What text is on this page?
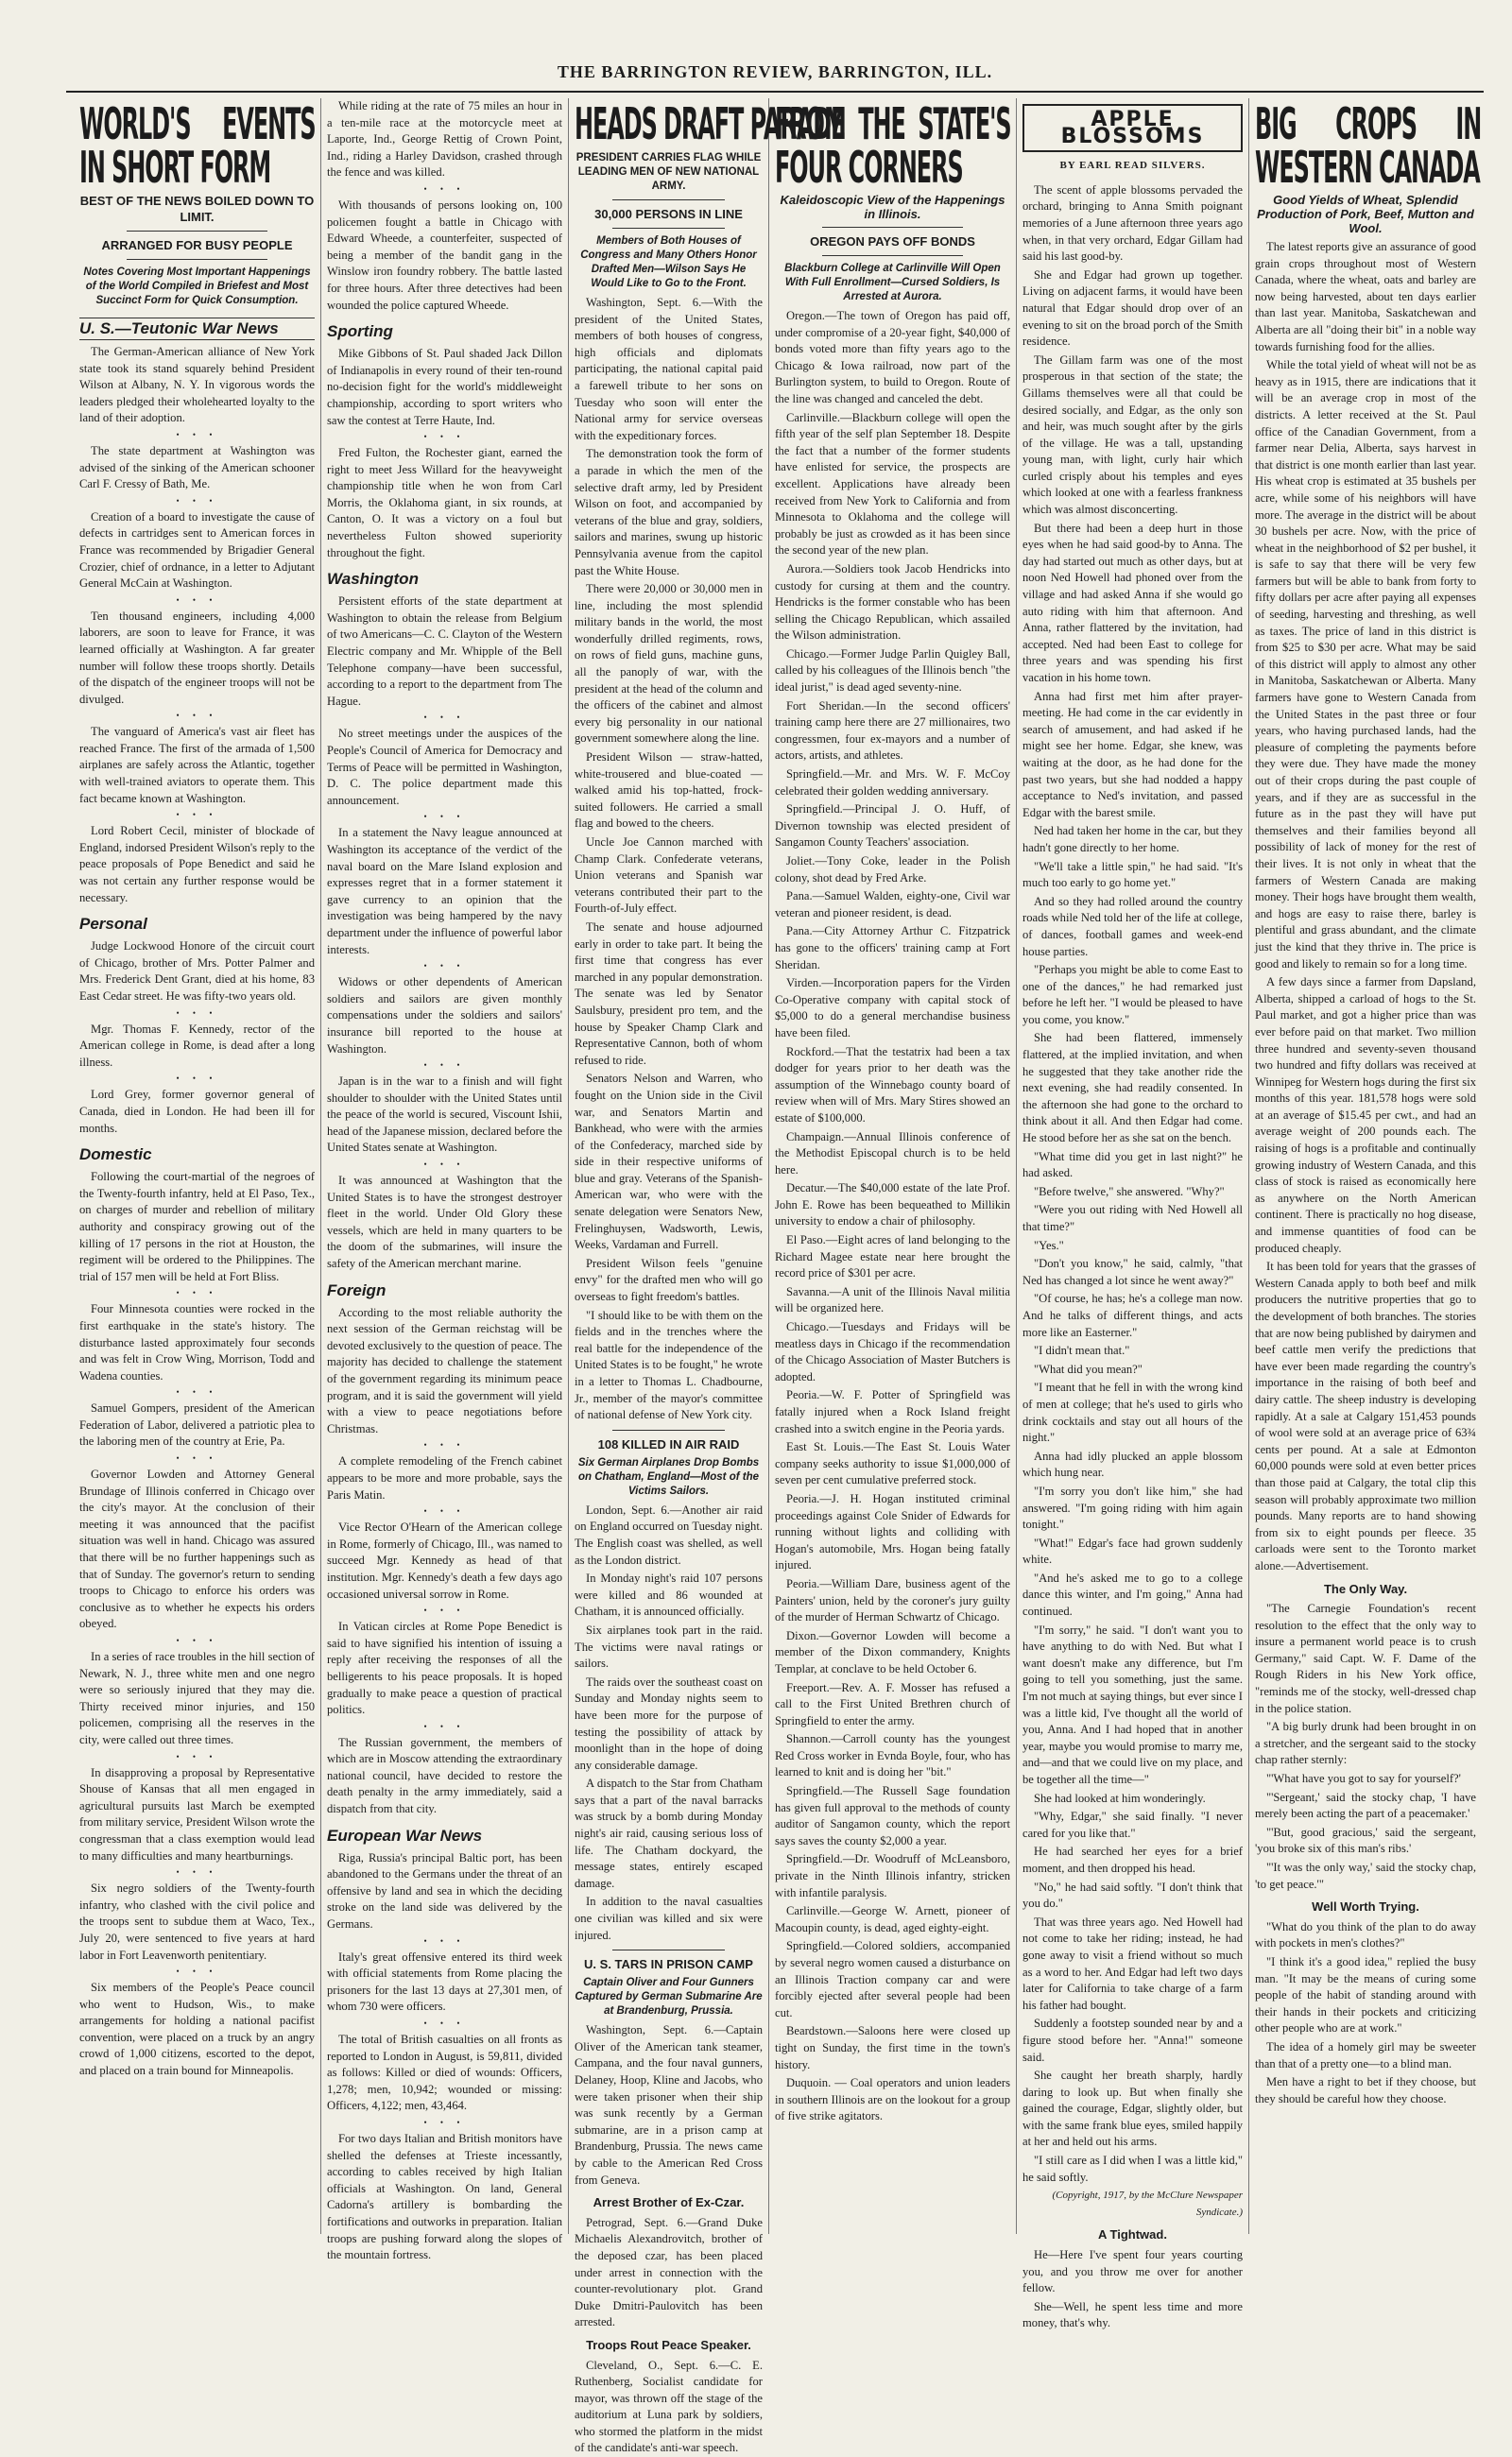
THE BARRINGTON REVIEW, BARRINGTON, ILL.
WORLD'S EVENTS IN SHORT FORM
BEST OF THE NEWS BOILED DOWN TO LIMIT.
ARRANGED FOR BUSY PEOPLE
Notes Covering Most Important Happenings of the World Compiled in Briefest and Most Succinct Form for Quick Consumption.
U. S.—Teutonic War News

The German-American alliance of New York state took its stand squarely behind President Wilson at Albany, N. Y. In vigorous words the leaders pledged their wholehearted loyalty to the land of their adoption.

• • •

The state department at Washington was advised of the sinking of the American schooner Carl F. Cressy of Bath, Me.

• • •

Creation of a board to investigate the cause of defects in cartridges sent to American forces in France was recommended by Brigadier General Crozier, chief of ordnance, in a letter to Adjutant General McCain at Washington.

• • •

Ten thousand engineers, including 4,000 laborers, are soon to leave for France, it was learned officially at Washington. A far greater number will follow these troops shortly. Details of the dispatch of the engineer troops will not be divulged.

• • •

The vanguard of America's vast air fleet has reached France. The first of the armada of 1,500 airplanes are safely across the Atlantic, together with well-trained aviators to operate them. This fact became known at Washington.

• • •

Lord Robert Cecil, minister of blockade of England, indorsed President Wilson's reply to the peace proposals of Pope Benedict and said he was not certain any further response would be necessary.

Personal

Judge Lockwood Honore of the circuit court of Chicago, brother of Mrs. Potter Palmer and Mrs. Frederick Dent Grant, died at his home, 83 East Cedar street. He was fifty-two years old.

• • •

Mgr. Thomas F. Kennedy, rector of the American college in Rome, is dead after a long illness.

• • •

Lord Grey, former governor general of Canada, died in London. He had been ill for months.

Domestic

Following the court-martial of the negroes of the Twenty-fourth infantry, held at El Paso, Tex., on charges of murder and rebellion of military authority and conspiracy growing out of the killing of 17 persons in the riot at Houston, the regiment will be ordered to the Philippines. The trial of 157 men will be held at Fort Bliss.

• • •

Four Minnesota counties were rocked in the first earthquake in the state's history. The disturbance lasted approximately four seconds and was felt in Crow Wing, Morrison, Todd and Wadena counties.

• • •

Samuel Gompers, president of the American Federation of Labor, delivered a patriotic plea to the laboring men of the country at Erie, Pa.

• • •

Governor Lowden and Attorney General Brundage of Illinois conferred in Chicago over the city's mayor. At the conclusion of their meeting it was announced that the pacifist situation was well in hand. Chicago was assured that there will be no further happenings such as that of Sunday. The governor's return to sending troops to Chicago to enforce his orders was conclusive as to whether he expects his orders obeyed.

• • •

In a series of race troubles in the hill section of Newark, N. J., three white men and one negro were so seriously injured that they may die. Thirty received minor injuries, and 150 policemen, comprising all the reserves in the city, were called out three times.

• • •

In disapproving a proposal by Representative Shouse of Kansas that all men engaged in agricultural pursuits last March be exempted from military service, President Wilson wrote the congressman that a class exemption would lead to many difficulties and many heartburnings.

• • •

Six negro soldiers of the Twenty-fourth infantry, who clashed with the civil police and the troops sent to subdue them at Waco, Tex., July 20, were sentenced to five years at hard labor in Fort Leavenworth penitentiary.

• • •

Six members of the People's Peace council who went to Hudson, Wis., to make arrangements for holding a national pacifist convention, were placed on a truck by an angry crowd of 1,000 citizens, escorted to the depot, and placed on a train bound for Minneapolis.

While riding at the rate of 75 miles an hour in a ten-mile race at the motorcycle meet at Laporte, Ind., George Rettig of Crown Point, Ind., riding a Harley Davidson, crashed through the fence and was killed.

• • •

With thousands of persons looking on, 100 policemen fought a battle in Chicago with Edward Wheede, a counterfeiter, suspected of being a member of the bandit gang in the Winslow iron foundry robbery. The battle lasted for three hours. After three detectives had been wounded the police captured Wheede.

Sporting

Mike Gibbons of St. Paul shaded Jack Dillon of Indianapolis in every round of their ten-round no-decision fight for the world's middleweight championship, according to sport writers who saw the contest at Terre Haute, Ind.

• • •

Fred Fulton, the Rochester giant, earned the right to meet Jess Willard for the heavyweight championship title when he won from Carl Morris, the Oklahoma giant, in six rounds, at Canton, O. It was a victory on a foul but nevertheless Fulton showed superiority throughout the fight.

Washington

Persistent efforts of the state department at Washington to obtain the release from Belgium of two Americans—C. C. Clayton of the Western Electric company and Mr. Whipple of the Bell Telephone company—have been successful, according to a report to the department from The Hague.

• • •

No street meetings under the auspices of the People's Council of America for Democracy and Terms of Peace will be permitted in Washington, D. C. The police department made this announcement.

• • •

In a statement the Navy league announced at Washington its acceptance of the verdict of the naval board on the Mare Island explosion and expresses regret that in a former statement it gave currency to an opinion that the investigation was being hampered by the navy department under the influence of powerful labor interests.

• • •

Widows or other dependents of American soldiers and sailors are given monthly compensations under the soldiers and sailors' insurance bill reported to the house at Washington.

• • •

Japan is in the war to a finish and will fight shoulder to shoulder with the United States until the peace of the world is secured, Viscount Ishii, head of the Japanese mission, declared before the United States senate at Washington.

• • •

It was announced at Washington that the United States is to have the strongest destroyer fleet in the world. Under Old Glory these vessels, which are held in many quarters to be the doom of the submarines, will insure the safety of the American merchant marine.

Foreign

According to the most reliable authority the next session of the German reichstag will be devoted exclusively to the question of peace. The majority has decided to challenge the statement of the government regarding its minimum peace program, and it is said the government will yield with a view to peace negotiations before Christmas.

• • •

A complete remodeling of the French cabinet appears to be more and more probable, says the Paris Matin.

• • •

Vice Rector O'Hearn of the American college in Rome, formerly of Chicago, Ill., was named to succeed Mgr. Kennedy as head of that institution. Mgr. Kennedy's death a few days ago occasioned universal sorrow in Rome.

• • •

In Vatican circles at Rome Pope Benedict is said to have signified his intention of issuing a reply after receiving the responses of all the belligerents to his peace proposals. It is hoped gradually to make peace a question of practical politics.

• • •

The Russian government, the members of which are in Moscow attending the extraordinary national council, have decided to restore the death penalty in the army immediately, said a dispatch from that city.

European War News

Riga, Russia's principal Baltic port, has been abandoned to the Germans under the threat of an offensive by land and sea in which the deciding stroke on the land side was delivered by the Germans.

• • •

Italy's great offensive entered its third week with official statements from Rome placing the prisoners for the last 13 days at 27,301 men, of whom 730 were officers.

• • •

The total of British casualties on all fronts as reported to London in August, is 59,811, divided as follows: Killed or died of wounds: Officers, 1,278; men, 10,942; wounded or missing: Officers, 4,122; men, 43,464.

• • •

For two days Italian and British monitors have shelled the defenses at Trieste incessantly, according to cables received by high Italian officials at Washington. On land, General Cadorna's artillery is bombarding the fortifications and outworks in preparation. Italian troops are pushing forward along the slopes of the mountain fortress.

HEADS DRAFT PARADE
PRESIDENT CARRIES FLAG WHILE LEADING MEN OF NEW NATIONAL ARMY.
30,000 PERSONS IN LINE
Members of Both Houses of Congress and Many Others Honor Drafted Men—Wilson Says He Would Like to Go to the Front.

Washington, Sept. 6.—With the president of the United States, members of both houses of congress, high officials and diplomats participating, the national capital paid a farewell tribute to her sons on Tuesday who soon will enter the National army for service overseas with the expeditionary forces.

The demonstration took the form of a parade in which the men of the selective draft army, led by President Wilson on foot, and accompanied by veterans of the blue and gray, soldiers, sailors and marines, swung up historic Pennsylvania avenue from the capitol past the White House.

There were 20,000 or 30,000 men in line, including the most splendid military bands in the world, the most wonderfully drilled regiments, rows, on rows of field guns, machine guns, all the panoply of war, with the president at the head of the column and the officers of the cabinet and almost every big personality in our national government somewhere along the line.

President Wilson — straw-hatted, white-trousered and blue-coated — walked amid his top-hatted, frock-suited followers. He carried a small flag and bowed to the cheers.

Uncle Joe Cannon marched with Champ Clark. Confederate veterans, Union veterans and Spanish war veterans contributed their part to the Fourth-of-July effect.

The senate and house adjourned early in order to take part. It being the first time that congress has ever marched in any popular demonstration. The senate was led by Senator Saulsbury, president pro tem, and the house by Speaker Champ Clark and Representative Cannon, both of whom refused to ride.

Senators Nelson and Warren, who fought on the Union side in the Civil war, and Senators Martin and Bankhead, who were with the armies of the Confederacy, marched side by side in their respective uniforms of blue and gray. Veterans of the Spanish-American war, who were with the senate delegation were Senators New, Frelinghuysen, Wadsworth, Lewis, Weeks, Vardaman and Furrell.

President Wilson feels "genuine envy" for the drafted men who will go overseas to fight freedom's battles.

"I should like to be with them on the fields and in the trenches where the real battle for the independence of the United States is to be fought," he wrote in a letter to Thomas L. Chadbourne, Jr., member of the mayor's committee of national defense of New York city.

108 KILLED IN AIR RAID
Six German Airplanes Drop Bombs on Chatham, England—Most of the Victims Sailors.

London, Sept. 6.—Another air raid on England occurred on Tuesday night. The English coast was shelled, as well as the London district.

In Monday night's raid 107 persons were killed and 86 wounded at Chatham, it is announced officially.

Six airplanes took part in the raid. The victims were naval ratings or sailors.

The raids over the southeast coast on Sunday and Monday nights seem to have been more for the purpose of testing the possibility of attack by moonlight than in the hope of doing any considerable damage.

A dispatch to the Star from Chatham says that a part of the naval barracks was struck by a bomb during Monday night's air raid, causing serious loss of life. The Chatham dockyard, the message states, entirely escaped damage.

In addition to the naval casualties one civilian was killed and six were injured.

U. S. TARS IN PRISON CAMP
Captain Oliver and Four Gunners Captured by German Submarine Are at Brandenburg, Prussia.

Washington, Sept. 6.—Captain Oliver of the American tank steamer, Campana, and the four naval gunners, Delaney, Hoop, Kline and Jacobs, who were taken prisoner when their ship was sunk recently by a German submarine, are in a prison camp at Brandenburg, Prussia. The news came by cable to the American Red Cross from Geneva.

Arrest Brother of Ex-Czar.

Petrograd, Sept. 6.—Grand Duke Michaelis Alexandrovitch, brother of the deposed czar, has been placed under arrest in connection with the counter-revolutionary plot. Grand Duke Dmitri-Paulovitch has been arrested.

Troops Rout Peace Speaker.

Cleveland, O., Sept. 6.—C. E. Ruthenberg, Socialist candidate for mayor, was thrown off the stage of the auditorium at Luna park by soldiers, who stormed the platform in the midst of the candidate's anti-war speech.

FROM THE STATE'S FOUR CORNERS
Kaleidoscopic View of the Happenings in Illinois.
OREGON PAYS OFF BONDS
Blackburn College at Carlinville Will Open With Full Enrollment—Cursed Soldiers, Is Arrested at Aurora.

Oregon.—The town of Oregon has paid off, under compromise of a 20-year fight, $40,000 of bonds voted more than fifty years ago to the Chicago & Iowa railroad, now part of the Burlington system, to build to Oregon. Route of the line was changed and canceled the debt.

Carlinville.—Blackburn college will open the fifth year of the self plan September 18. Despite the fact that a number of the former students have enlisted for service, the prospects are excellent. Applications have already been received from New York to California and from Minnesota to Oklahoma and the college will probably be just as crowded as it has been since the second year of the new plan.

Aurora.—Soldiers took Jacob Hendricks into custody for cursing at them and the country. Hendricks is the former constable who has been selling the Chicago Republican, which assailed the Wilson administration.

Chicago.—Former Judge Parlin Quigley Ball, called by his colleagues of the Illinois bench "the ideal jurist," is dead aged seventy-nine.

Fort Sheridan.—In the second officers' training camp here there are 27 millionaires, two congressmen, four ex-mayors and a number of actors, artists, and athletes.

Springfield.—Mr. and Mrs. W. F. McCoy celebrated their golden wedding anniversary.

Springfield.—Principal J. O. Huff, of Divernon township was elected president of Sangamon County Teachers' association.

Joliet.—Tony Coke, leader in the Polish colony, shot dead by Fred Arke.

Pana.—Samuel Walden, eighty-one, Civil war veteran and pioneer resident, is dead.

Pana.—City Attorney Arthur C. Fitzpatrick has gone to the officers' training camp at Fort Sheridan.

Virden.—Incorporation papers for the Virden Co-Operative company with capital stock of $5,000 to do a general merchandise business have been filed.

Rockford.—That the testatrix had been a tax dodger for years prior to her death was the assumption of the Winnebago county board of review when will of Mrs. Mary Stires showed an estate of $100,000.

Champaign.—Annual Illinois conference of the Methodist Episcopal church is to be held here.

Decatur.—The $40,000 estate of the late Prof. John E. Rowe has been bequeathed to Millikin university to endow a chair of philosophy.

El Paso.—Eight acres of land belonging to the Richard Magee estate near here brought the record price of $301 per acre.

Savanna.—A unit of the Illinois Naval militia will be organized here.

Chicago.—Tuesdays and Fridays will be meatless days in Chicago if the recommendation of the Chicago Association of Master Butchers is adopted.

Peoria.—W. F. Potter of Springfield was fatally injured when a Rock Island freight crashed into a switch engine in the Peoria yards.

East St. Louis.—The East St. Louis Water company seeks authority to issue $1,000,000 of seven per cent cumulative preferred stock.

Peoria.—J. H. Hogan instituted criminal proceedings against Cole Snider of Edwards for running without lights and colliding with Hogan's automobile, Mrs. Hogan being fatally injured.

Peoria.—William Dare, business agent of the Painters' union, held by the coroner's jury guilty of the murder of Herman Schwartz of Chicago.

Dixon.—Governor Lowden will become a member of the Dixon commandery, Knights Templar, at conclave to be held October 6.

Freeport.—Rev. A. F. Mosser has refused a call to the First United Brethren church of Springfield to enter the army.

Shannon.—Carroll county has the youngest Red Cross worker in Evnda Boyle, four, who has learned to knit and is doing her "bit."

Springfield.—The Russell Sage foundation has given full approval to the methods of county auditor of Sangamon county, which the report says saves the county $2,000 a year.

Springfield.—Dr. Woodruff of McLeansboro, private in the Ninth Illinois infantry, stricken with infantile paralysis.

Carlinville.—George W. Arnett, pioneer of Macoupin county, is dead, aged eighty-eight.

Springfield.—Colored soldiers, accompanied by several negro women caused a disturbance on an Illinois Traction company car and were forcibly ejected after several people had been cut.

Beardstown.—Saloons here were closed up tight on Sunday, the first time in the town's history.

Duquoin. — Coal operators and union leaders in southern Illinois are on the lookout for a group of five strike agitators.

APPLE BLOSSOMS
BY EARL READ SILVERS.

The scent of apple blossoms pervaded the orchard, bringing to Anna Smith poignant memories of a June afternoon three years ago when, in that very orchard, Edgar Gillam had said his last good-by.

She and Edgar had grown up together. Living on adjacent farms, it would have been natural that Edgar should drop over of an evening to sit on the broad porch of the Smith residence.

The Gillam farm was one of the most prosperous in that section of the state; the Gillams themselves were all that could be desired socially, and Edgar, as the only son and heir, was much sought after by the girls of the village. He was a tall, upstanding young man, with light, curly hair which curled crisply about his temples and eyes which looked at one with a fearless frankness which was almost disconcerting.

But there had been a deep hurt in those eyes when he had said good-by to Anna. The day had started out much as other days, but at noon Ned Howell had phoned over from the village and had asked Anna if she would go auto riding with him that afternoon. And Anna, rather flattered by the invitation, had accepted. Ned had been East to college for three years and was spending his first vacation in his home town.

Anna had first met him after prayer-meeting. He had come in the car evidently in search of amusement, and had asked if he might see her home. Edgar, she knew, was waiting at the door, as he had done for the past two years, but she had nodded a happy acceptance to Ned's invitation, and passed Edgar with the barest smile.

Ned had taken her home in the car, but they hadn't gone directly to her home.

"We'll take a little spin," he had said. "It's much too early to go home yet."

And so they had rolled around the country roads while Ned told her of the life at college, of dances, football games and week-end house parties.

"Perhaps you might be able to come East to one of the dances," he had remarked just before he left her. "I would be pleased to have you come, you know."

She had been flattered, immensely flattered, at the implied invitation, and when he suggested that they take another ride the next evening, she had readily consented. In the afternoon she had gone to the orchard to think about it all. And then Edgar had come. He stood before her as she sat on the bench.

"What time did you get in last night?" he had asked.

"Before twelve," she answered. "Why?"

"Were you out riding with Ned Howell all that time?"

"Yes."

"Don't you know," he said, calmly, "that Ned has changed a lot since he went away?"

"Of course, he has; he's a college man now. And he talks of different things, and acts more like an Easterner."

"I didn't mean that."

"What did you mean?"

"I meant that he fell in with the wrong kind of men at college; that he's used to girls who drink cocktails and stay out all hours of the night."

Anna had idly plucked an apple blossom which hung near.

"I'm sorry you don't like him," she had answered. "I'm going riding with him again tonight."

"What!" Edgar's face had grown suddenly white.

"And he's asked me to go to a college dance this winter, and I'm going," Anna had continued.

"I'm sorry," he said. "I don't want you to have anything to do with Ned. But what I want doesn't make any difference, but I'm going to tell you something, just the same. I'm not much at saying things, but ever since I was a little kid, I've thought all the world of you, Anna. And I had hoped that in another year, maybe you would promise to marry me, and—and that we could live on my place, and be together all the time—"

She had looked at him wonderingly.

"Why, Edgar," she said finally. "I never cared for you like that."

He had searched her eyes for a brief moment, and then dropped his head.

"No," he had said softly. "I don't think that you do."

That was three years ago. Ned Howell had not come to take her riding; instead, he had gone away to visit a friend without so much as a word to her. And Edgar had left two days later for California to take charge of a farm his father had bought.

Suddenly a footstep sounded near by and a figure stood before her. "Anna!" someone said.

She caught her breath sharply, hardly daring to look up. But when finally she gained the courage, Edgar, slightly older, but with the same frank blue eyes, smiled happily at her and held out his arms.

"I still care as I did when I was a little kid," he said softly.

(Copyright, 1917, by the McClure Newspaper Syndicate.)
A Tightwad.

He—Here I've spent four years courting you, and you throw me over for another fellow.

She—Well, he spent less time and more money, that's why.

BIG CROPS IN WESTERN CANADA
Good Yields of Wheat, Splendid Production of Pork, Beef, Mutton and Wool.

The latest reports give an assurance of good grain crops throughout most of Western Canada, where the wheat, oats and barley are now being harvested, about ten days earlier than last year. Manitoba, Saskatchewan and Alberta are all "doing their bit" in a noble way towards furnishing food for the allies.

While the total yield of wheat will not be as heavy as in 1915, there are indications that it will be an average crop in most of the districts. A letter received at the St. Paul office of the Canadian Government, from a farmer near Delia, Alberta, says harvest in that district is one month earlier than last year. His wheat crop is estimated at 35 bushels per acre, while some of his neighbors will have more. The average in the district will be about 30 bushels per acre. Now, with the price of wheat in the neighborhood of $2 per bushel, it is safe to say that there will be very few farmers but will be able to bank from forty to fifty dollars per acre after paying all expenses of seeding, harvesting and threshing, as well as taxes. The price of land in this district is from $25 to $30 per acre. What may be said of this district will apply to almost any other in Manitoba, Saskatchewan or Alberta. Many farmers have gone to Western Canada from the United States in the past three or four years, who having purchased lands, had the pleasure of completing the payments before they were due. They have made the money out of their crops during the past couple of years, and if they are as successful in the future as in the past they will have put themselves and their families beyond all possibility of lack of money for the rest of their lives. It is not only in wheat that the farmers of Western Canada are making money. Their hogs have brought them wealth, and hogs are easy to raise there, barley is plentiful and grass abundant, and the climate just the kind that they thrive in. The price is good and likely to remain so for a long time.

A few days since a farmer from Dapsland, Alberta, shipped a carload of hogs to the St. Paul market, and got a higher price than was ever before paid on that market. Two million three hundred and seventy-seven thousand two hundred and fifty dollars was received at Winnipeg for Western hogs during the first six months of this year. 181,578 hogs were sold at an average of $15.45 per cwt., and had an average weight of 200 pounds each. The raising of hogs is a profitable and continually growing industry of Western Canada, and this class of stock is raised as economically here as anywhere on the North American continent. There is practically no hog disease, and immense quantities of food can be produced cheaply.

It has been told for years that the grasses of Western Canada apply to both beef and milk producers the nutritive properties that go to the development of both branches. The stories that are now being published by dairymen and beef cattle men verify the predictions that have ever been made regarding the country's importance in the raising of both beef and dairy cattle. The sheep industry is developing rapidly. At a sale at Calgary 151,453 pounds of wool were sold at an average price of 63¾ cents per pound. At a sale at Edmonton 60,000 pounds were sold at even better prices than those paid at Calgary, the total clip this season will probably approximate two million pounds. Many reports are to hand showing from six to eight pounds per fleece. 35 carloads were sent to the Toronto market alone.—Advertisement.

The Only Way.

"The Carnegie Foundation's recent resolution to the effect that the only way to insure a permanent world peace is to crush Germany," said Capt. W. F. Dame of the Rough Riders in his New York office, "reminds me of the stocky, well-dressed chap in the police station.

"A big burly drunk had been brought in on a stretcher, and the sergeant said to the stocky chap rather sternly:

"'What have you got to say for yourself?'

"'Sergeant,' said the stocky chap, 'I have merely been acting the part of a peacemaker.'

"'But, good gracious,' said the sergeant, 'you broke six of this man's ribs.'

"'It was the only way,' said the stocky chap, 'to get peace.'"

Well Worth Trying.

"What do you think of the plan to do away with pockets in men's clothes?"

"I think it's a good idea," replied the busy man. "It may be the means of curing some people of the habit of standing around with their hands in their pockets and criticizing other people who are at work."

The idea of a homely girl may be sweeter than that of a pretty one—to a blind man.

Men have a right to bet if they choose, but they should be careful how they choose.
